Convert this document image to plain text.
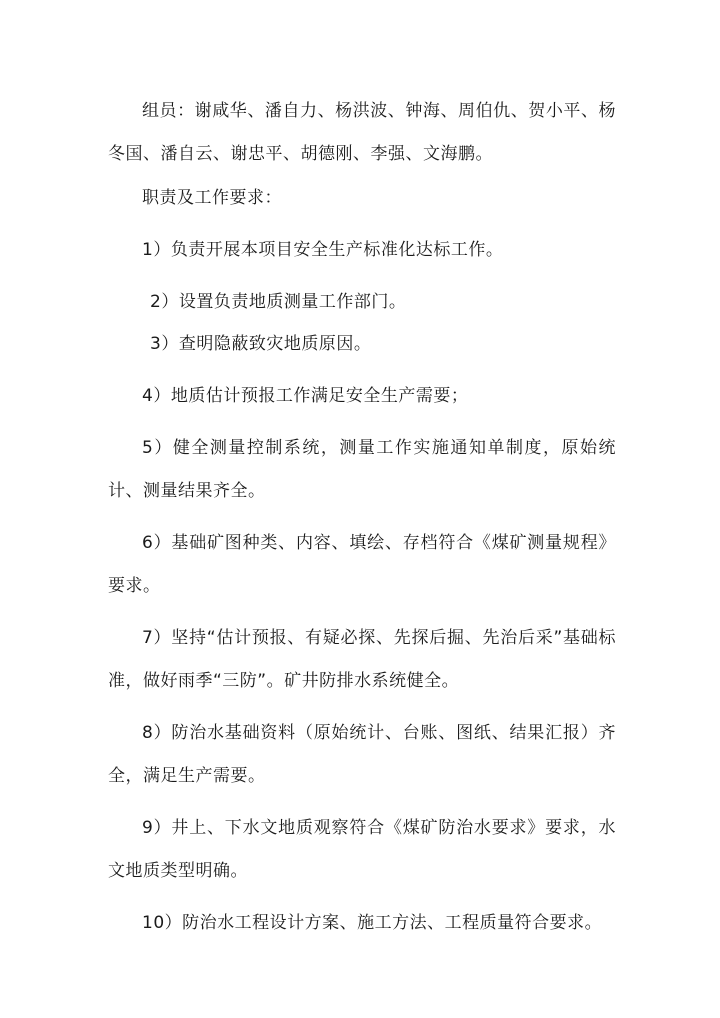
组员：谢咸华、潘自力、杨洪波、钟海、周伯仇、贺小平、杨冬国、潘自云、谢忠平、胡德刚、李强、文海鹏。

职责及工作要求：

1）负责开展本项目安全生产标准化达标工作。

2）设置负责地质测量工作部门。

3）查明隐蔽致灾地质原因。

4）地质估计预报工作满足安全生产需要；

5）健全测量控制系统，测量工作实施通知单制度，原始统计、测量结果齐全。

6）基础矿图种类、内容、填绘、存档符合《煤矿测量规程》要求。

7）坚持“估计预报、有疑必探、先探后掘、先治后采”基础标准，做好雨季“三防”。矿井防排水系统健全。

8）防治水基础资料（原始统计、台账、图纸、结果汇报）齐全，满足生产需要。

9）井上、下水文地质观察符合《煤矿防治水要求》要求，水文地质类型明确。

10）防治水工程设计方案、施工方法、工程质量符合要求。
